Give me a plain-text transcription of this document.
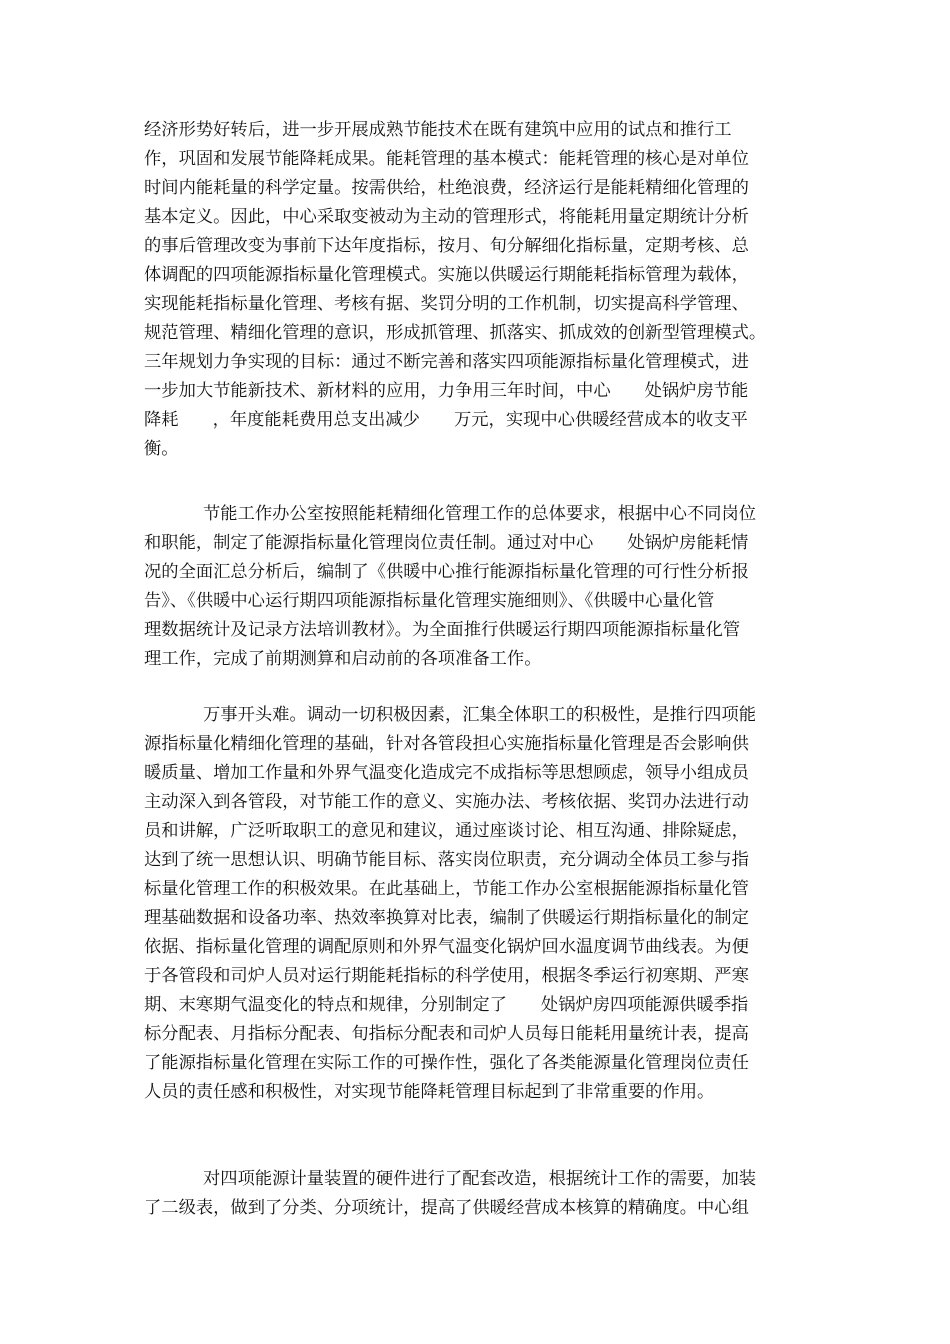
经济形势好转后，进一步开展成熟节能技术在既有建筑中应用的试点和推行工
作，巩固和发展节能降耗成果。能耗管理的基本模式：能耗管理的核心是对单位
时间内能耗量的科学定量。按需供给，杜绝浪费，经济运行是能耗精细化管理的
基本定义。因此，中心采取变被动为主动的管理形式，将能耗用量定期统计分析
的事后管理改变为事前下达年度指标，按月、旬分解细化指标量，定期考核、总
体调配的四项能源指标量化管理模式。实施以供暖运行期能耗指标管理为载体，
实现能耗指标量化管理、考核有据、奖罚分明的工作机制，切实提高科学管理、
规范管理、精细化管理的意识，形成抓管理、抓落实、抓成效的创新型管理模式。
三年规划力争实现的目标：通过不断完善和落实四项能源指标量化管理模式，进
一步加大节能新技术、新材料的应用，力争用三年时间，中心 处锅炉房节能
降耗 ，年度能耗费用总支出减少 万元，实现中心供暖经营成本的收支平
衡。
节能工作办公室按照能耗精细化管理工作的总体要求，根据中心不同岗位
和职能，制定了能源指标量化管理岗位责任制。通过对中心 处锅炉房能耗情
况的全面汇总分析后，编制了《供暖中心推行能源指标量化管理的可行性分析报
告》、《供暖中心运行期四项能源指标量化管理实施细则》、《供暖中心量化管
理数据统计及记录方法培训教材》。为全面推行供暖运行期四项能源指标量化管
理工作，完成了前期测算和启动前的各项准备工作。
万事开头难。调动一切积极因素，汇集全体职工的积极性，是推行四项能
源指标量化精细化管理的基础，针对各管段担心实施指标量化管理是否会影响供
暖质量、增加工作量和外界气温变化造成完不成指标等思想顾虑，领导小组成员
主动深入到各管段，对节能工作的意义、实施办法、考核依据、奖罚办法进行动
员和讲解，广泛听取职工的意见和建议，通过座谈讨论、相互沟通、排除疑虑，
达到了统一思想认识、明确节能目标、落实岗位职责，充分调动全体员工参与指
标量化管理工作的积极效果。在此基础上，节能工作办公室根据能源指标量化管
理基础数据和设备功率、热效率换算对比表，编制了供暖运行期指标量化的制定
依据、指标量化管理的调配原则和外界气温变化锅炉回水温度调节曲线表。为便
于各管段和司炉人员对运行期能耗指标的科学使用，根据冬季运行初寒期、严寒
期、末寒期气温变化的特点和规律，分别制定了 处锅炉房四项能源供暖季指
标分配表、月指标分配表、旬指标分配表和司炉人员每日能耗用量统计表，提高
了能源指标量化管理在实际工作的可操作性，强化了各类能源量化管理岗位责任
人员的责任感和积极性，对实现节能降耗管理目标起到了非常重要的作用。
对四项能源计量装置的硬件进行了配套改造，根据统计工作的需要，加装
了二级表，做到了分类、分项统计，提高了供暖经营成本核算的精确度。中心组
